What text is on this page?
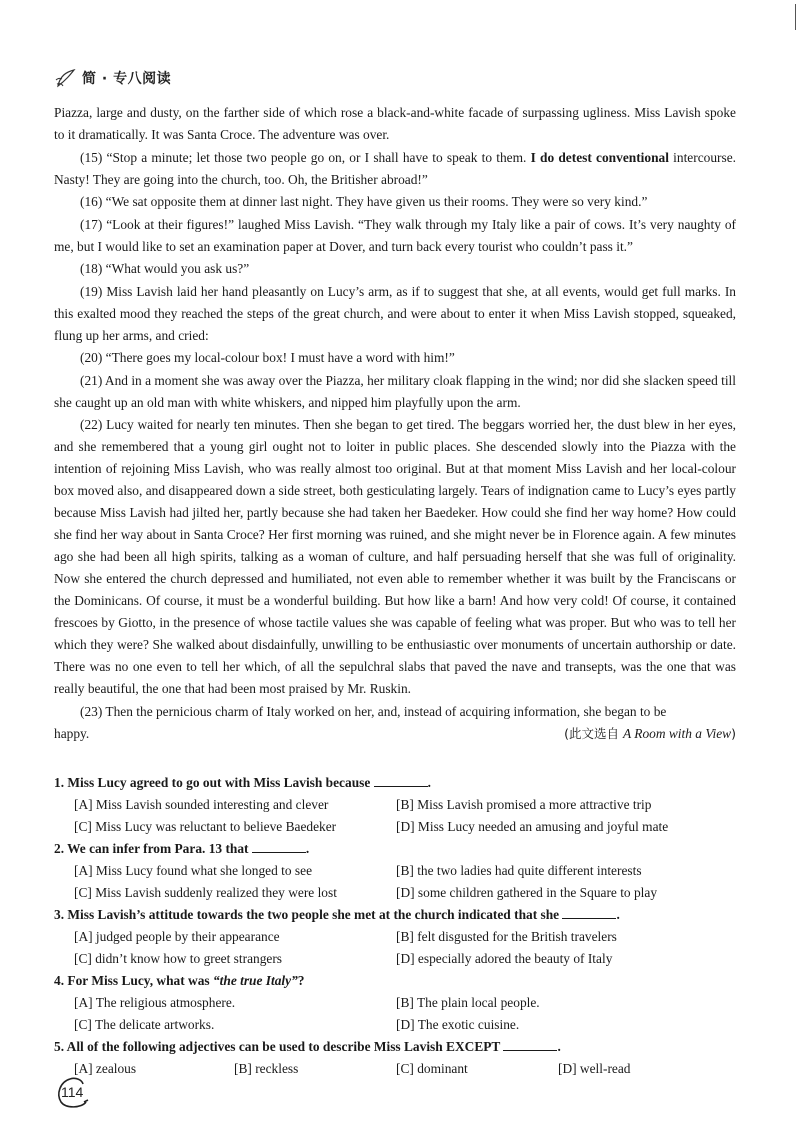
简 · 专八阅读

Piazza, large and dusty, on the farther side of which rose a black-and-white facade of surpassing ugliness. Miss Lavish spoke to it dramatically. It was Santa Croce. The adventure was over.

(15) “Stop a minute; let those two people go on, or I shall have to speak to them. I do detest conventional intercourse. Nasty! They are going into the church, too. Oh, the Britisher abroad!”

(16) “We sat opposite them at dinner last night. They have given us their rooms. They were so very kind.”

(17) “Look at their figures!” laughed Miss Lavish. “They walk through my Italy like a pair of cows. It’s very naughty of me, but I would like to set an examination paper at Dover, and turn back every tourist who couldn’t pass it.”

(18) “What would you ask us?”

(19) Miss Lavish laid her hand pleasantly on Lucy’s arm, as if to suggest that she, at all events, would get full marks. In this exalted mood they reached the steps of the great church, and were about to enter it when Miss Lavish stopped, squeaked, flung up her arms, and cried:

(20) “There goes my local-colour box! I must have a word with him!”

(21) And in a moment she was away over the Piazza, her military cloak flapping in the wind; nor did she slacken speed till she caught up an old man with white whiskers, and nipped him playfully upon the arm.

(22) Lucy waited for nearly ten minutes. Then she began to get tired. The beggars worried her, the dust blew in her eyes, and she remembered that a young girl ought not to loiter in public places. She descended slowly into the Piazza with the intention of rejoining Miss Lavish, who was really almost too original. But at that moment Miss Lavish and her local-colour box moved also, and disappeared down a side street, both gesticulating largely. Tears of indignation came to Lucy’s eyes partly because Miss Lavish had jilted her, partly because she had taken her Baedeker. How could she find her way home? How could she find her way about in Santa Croce? Her first morning was ruined, and she might never be in Florence again. A few minutes ago she had been all high spirits, talking as a woman of culture, and half persuading herself that she was full of originality. Now she entered the church depressed and humiliated, not even able to remember whether it was built by the Franciscans or the Dominicans. Of course, it must be a wonderful building. But how like a barn! And how very cold! Of course, it contained frescoes by Giotto, in the presence of whose tactile values she was capable of feeling what was proper. But who was to tell her which they were? She walked about disdainfully, unwilling to be enthusiastic over monuments of uncertain authorship or date. There was no one even to tell her which, of all the sepulchral slabs that paved the nave and transepts, was the one that was really beautiful, the one that had been most praised by Mr. Ruskin.

(23) Then the pernicious charm of Italy worked on her, and, instead of acquiring information, she began to be

happy.	(此文选自 A Room with a View)

1. Miss Lucy agreed to go out with Miss Lavish because	.

[A] Miss Lavish sounded interesting and clever	[B] Miss Lavish promised a more attractive trip
[C] Miss Lucy was reluctant to believe Baedeker	[D] Miss Lucy needed an amusing and joyful mate

2. We can infer from Para. 13 that	.

[A] Miss Lucy found what she longed to see	[B] the two ladies had quite different interests
[C] Miss Lavish suddenly realized they were lost	[D] some children gathered in the Square to play

3. Miss Lavish’s attitude towards the two people she met at the church indicated that she	.

[A] judged people by their appearance	[B] felt disgusted for the British travelers
[C] didn’t know how to greet strangers	[D] especially adored the beauty of Italy

4. For Miss Lucy, what was “the true Italy”?

[A] The religious atmosphere.	[B] The plain local people.
[C] The delicate artworks.	[D] The exotic cuisine.

5. All of the following adjectives can be used to describe Miss Lavish EXCEPT	.

[A] zealous	[B] reckless	[C] dominant	[D] well-read
114
